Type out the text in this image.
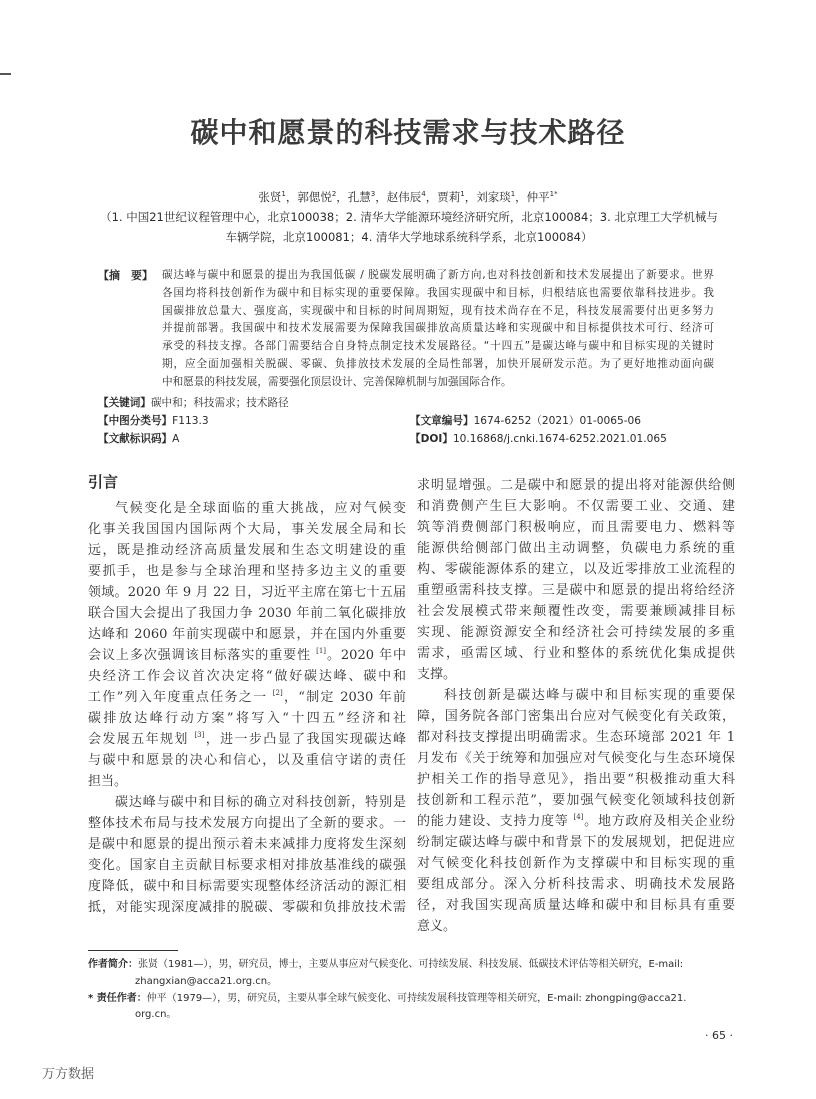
碳中和愿景的科技需求与技术路径
张贤$^1$，郭偲悦$^2$，孔慧$^3$，赵伟辰$^4$，贾莉$^1$，刘家琰$^1$，仲平$^{1*}$
（1. 中国21世纪议程管理中心，北京100038；2. 清华大学能源环境经济研究所，北京100084；3. 北京理工大学机械与
车辆学院，北京100081；4. 清华大学地球系统科学系，北京100084）
【摘　要】 碳达峰与碳中和愿景的提出为我国低碳 / 脱碳发展明确了新方向,也对科技创新和技术发展提出了新要求。世界
各国均将科技创新作为碳中和目标实现的重要保障。我国实现碳中和目标，归根结底也需要依靠科技进步。我
国碳排放总量大、强度高，实现碳中和目标的时间周期短，现有技术尚存在不足，科技发展需要付出更多努力
并提前部署。我国碳中和技术发展需要为保障我国碳排放高质量达峰和实现碳中和目标提供技术可行、经济可
承受的科技支撑。各部门需要结合自身特点制定技术发展路径。“十四五”是碳达峰与碳中和目标实现的关键时
期，应全面加强相关脱碳、零碳、负排放技术发展的全局性部署，加快开展研发示范。为了更好地推动面向碳
中和愿景的科技发展，需要强化顶层设计、完善保障机制与加强国际合作。
【关键词】碳中和；科技需求；技术路径
【中图分类号】F113.3
【文献标识码】A
【文章编号】1674-6252（2021）01-0065-06
【DOI】10.16868/j.cnki.1674-6252.2021.01.065
引言
气候变化是全球面临的重大挑战，应对气候变
化事关我国国内国际两个大局，事关发展全局和长
远，既是推动经济高质量发展和生态文明建设的重
要抓手，也是参与全球治理和坚持多边主义的重要
领域。2020 年 9 月 22 日，习近平主席在第七十五届
联合国大会提出了我国力争 2030 年前二氧化碳排放
达峰和 2060 年前实现碳中和愿景，并在国内外重要
会议上多次强调该目标落实的重要性 [1]。2020 年中
央经济工作会议首次决定将“做好碳达峰、碳中和
工作”列入年度重点任务之一 [2]，“制定 2030 年前
碳排放达峰行动方案”将写入“十四五”经济和社
会发展五年规划 [3]，进一步凸显了我国实现碳达峰
与碳中和愿景的决心和信心，以及重信守诺的责任
担当。
碳达峰与碳中和目标的确立对科技创新，特别是
整体技术布局与技术发展方向提出了全新的要求。一
是碳中和愿景的提出预示着未来减排力度将发生深刻
变化。国家自主贡献目标要求相对排放基准线的碳强
度降低，碳中和目标需要实现整体经济活动的源汇相
抵，对能实现深度减排的脱碳、零碳和负排放技术需
求明显增强。二是碳中和愿景的提出将对能源供给侧
和消费侧产生巨大影响。不仅需要工业、交通、建
筑等消费侧部门积极响应，而且需要电力、燃料等
能源供给侧部门做出主动调整，负碳电力系统的重
构、零碳能源体系的建立，以及近零排放工业流程的
重塑亟需科技支撑。三是碳中和愿景的提出将给经济
社会发展模式带来颠覆性改变，需要兼顾减排目标
实现、能源资源安全和经济社会可持续发展的多重
需求，亟需区域、行业和整体的系统优化集成提供
支撑。
科技创新是碳达峰与碳中和目标实现的重要保
障，国务院各部门密集出台应对气候变化有关政策，
都对科技支撑提出明确需求。生态环境部 2021 年 1
月发布《关于统筹和加强应对气候变化与生态环境保
护相关工作的指导意见》，指出要“积极推动重大科
技创新和工程示范”，要加强气候变化领域科技创新
的能力建设、支持力度等 [4]。地方政府及相关企业纷
纷制定碳达峰与碳中和背景下的发展规划，把促进应
对气候变化科技创新作为支撑碳中和目标实现的重
要组成部分。深入分析科技需求、明确技术发展路
径，对我国实现高质量达峰和碳中和目标具有重要
意义。
作者简介：张贤（1981—），男，研究员，博士，主要从事应对气候变化、可持续发展、科技发展、低碳技术评估等相关研究，E-mail:
zhangxian@acca21.org.cn。
* 责任作者：仲平（1979—），男，研究员，主要从事全球气候变化、可持续发展科技管理等相关研究，E-mail: zhongping@acca21.
org.cn。
· 65 ·
万方数据
